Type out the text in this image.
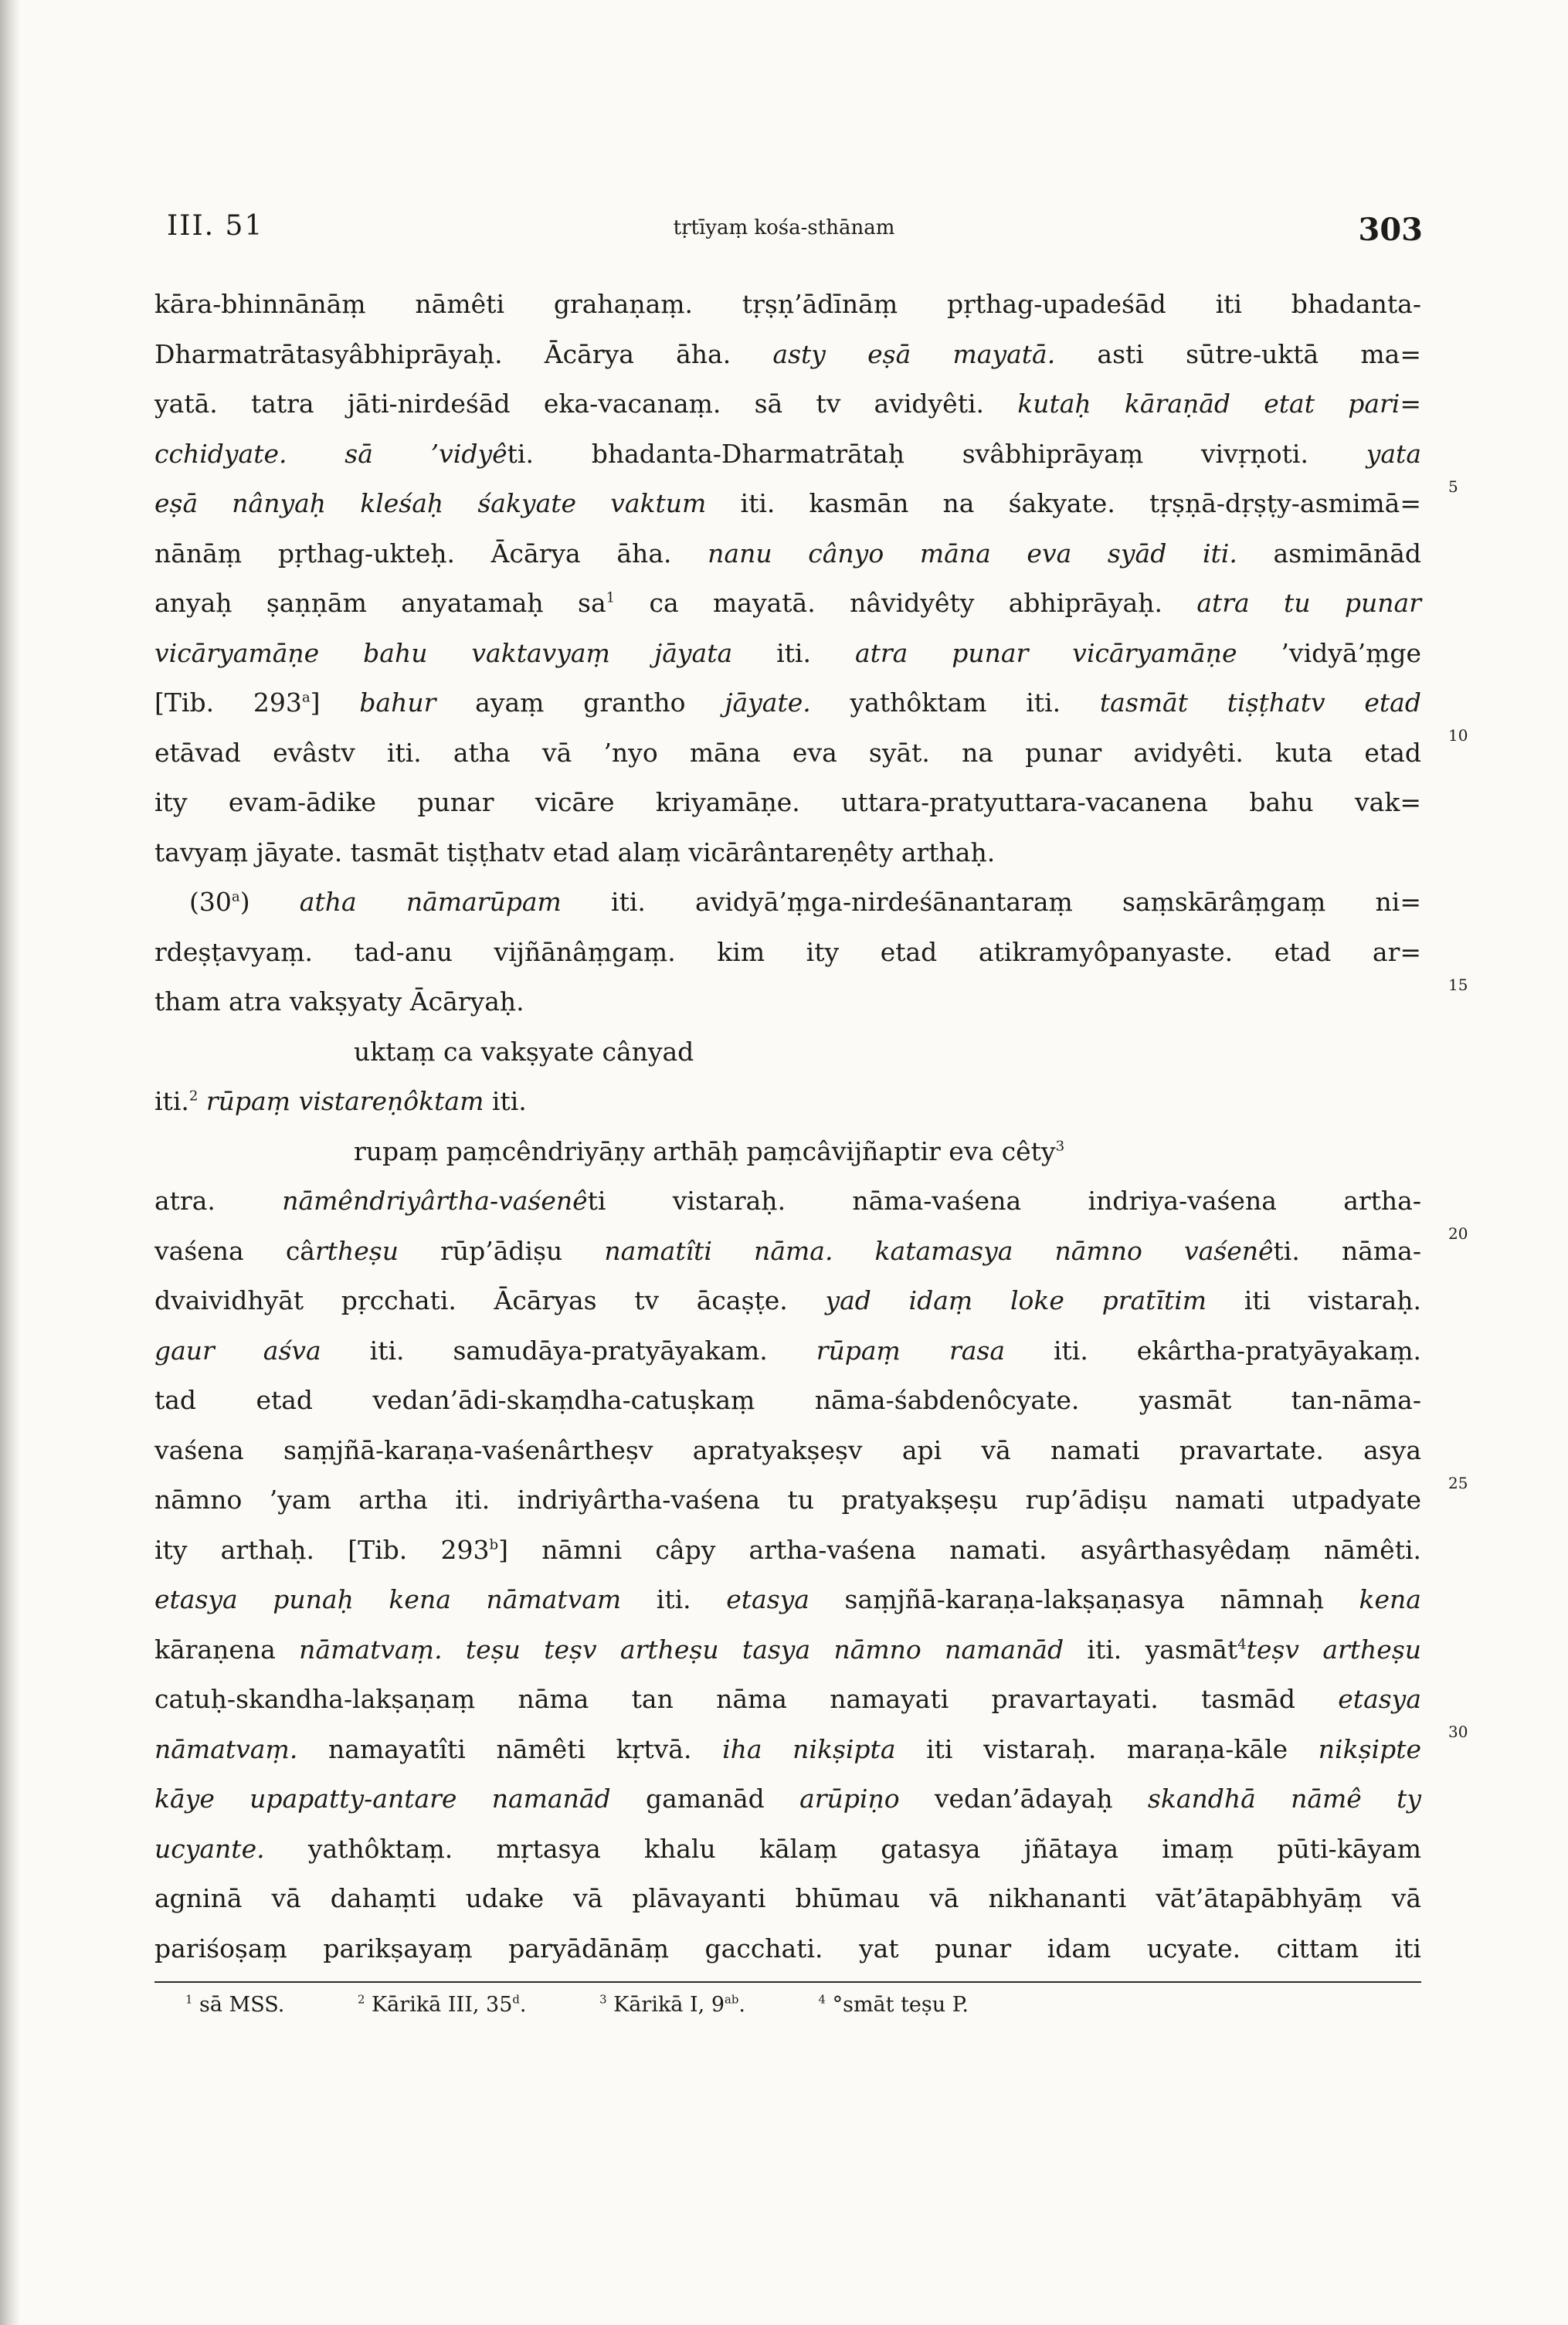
III. 51	tṛtīyaṃ kośa-sthānam	303
kāra-bhinnānāṃ nāmêti grahaṇaṃ. tṛṣṇ’ādīnāṃ pṛthag-upadeśād iti bhadanta-
Dharmatrātasyâbhiprāyaḥ. Ācārya āha. asty eṣā mayatā. asti sūtre-uktā ma=
yatā. tatra jāti-nirdeśād eka-vacanaṃ. sā tv avidyêti. kutaḥ kāraṇād etat pari=
cchidyate. sā ’vidyêti. bhadanta-Dharmatrātaḥ svâbhiprāyaṃ vivṛṇoti. yata
eṣā nânyaḥ kleśaḥ śakyate vaktum iti. kasmān na śakyate. tṛṣṇā-dṛṣṭy-asmimā=
nānāṃ pṛthag-ukteḥ. Ācārya āha. nanu cânyo māna eva syād iti. asmimānād
anyaḥ ṣaṇṇām anyatamaḥ $sa^1$ ca mayatā. nâvidyêty abhiprāyaḥ. atra tu punar
vicāryamāṇe bahu vaktavyaṃ jāyata iti. atra punar vicāryamāṇe ’vidyā’ṃge
[Tib. 293$^a$] bahur ayaṃ grantho jāyate. yathôktam iti. tasmāt tiṣṭhatv etad
etāvad evâstv iti. atha vā ’nyo māna eva syāt. na punar avidyêti. kuta etad
ity evam-ādike punar vicāre kriyamāṇe. uttara-pratyuttara-vacanena bahu vak=
tavyaṃ jāyate. tasmāt tiṣṭhatv etad alaṃ vicārântareṇêty arthaḥ.
(30$^a$) atha nāmarūpam iti. avidyā’ṃga-nirdeśānantaraṃ saṃskārâṃgaṃ ni=
rdeṣṭavyaṃ. tad-anu vijñānâṃgaṃ. kim ity etad atikramyôpanyaste. etad ar=
tham atra vakṣyaty Ācāryaḥ.
uktaṃ ca vakṣyate cânyad
iti.$^2$ rūpaṃ vistareṇôktam iti.
rupaṃ paṃcêndriyāṇy arthāḥ paṃcâvijñaptir eva cêty$^3$
atra. nāmêndriyârtha-vaśenêti vistaraḥ. nāma-vaśena indriya-vaśena artha-
vaśena cârtheṣu rūp’ādiṣu namatîti nāma. katamasya nāmno vaśenêti. nāma-
dvaividhyāt pṛcchati. Ācāryas tv ācaṣṭe. yad idaṃ loke pratītim iti vistaraḥ.
gaur aśva iti. samudāya-pratyāyakam. rūpaṃ rasa iti. ekârtha-pratyāyakaṃ.
tad etad vedan’ādi-skaṃdha-catuṣkaṃ nāma-śabdenôcyate. yasmāt tan-nāma-
vaśena saṃjñā-karaṇa-vaśenârtheṣv apratyakṣeṣv api vā namati pravartate. asya
nāmno ’yam artha iti. indriyârtha-vaśena tu pratyakṣeṣu rup’ādiṣu namati utpadyate
ity arthaḥ. [Tib. 293$^b$] nāmni câpy artha-vaśena namati. asyârthasyêdaṃ nāmêti.
etasya punaḥ kena nāmatvam iti. etasya saṃjñā-karaṇa-lakṣaṇasya nāmnaḥ kena
kāraṇena nāmatvaṃ. teṣu teṣv artheṣu tasya nāmno namanād iti. yasmāt$^4$teṣv artheṣu
catuḥ-skandha-lakṣaṇaṃ nāma tan nāma namayati pravartayati. tasmād etasya
nāmatvaṃ. namayatîti nāmêti kṛtvā. iha nikṣipta iti vistaraḥ. maraṇa-kāle nikṣipte
kāye upapatty-antare namanād gamanād arūpiṇo vedan’ādayaḥ skandhā nāmê ty
ucyante. yathôktaṃ. mṛtasya khalu kālaṃ gatasya jñātaya imaṃ pūti-kāyam
agninā vā dahaṃti udake vā plāvayanti bhūmau vā nikhananti vāt’ātapābhyāṃ vā
pariśoṣaṃ parikṣayaṃ paryādānāṃ gacchati. yat punar idam ucyate. cittam iti
5
10
15
20
25
30
$^1$ sā MSS.	$^2$ Kārikā III, 35$^d$.	$^3$ Kārikā I, $9^{ab}$.	$^4$ °smāt teṣu P.
